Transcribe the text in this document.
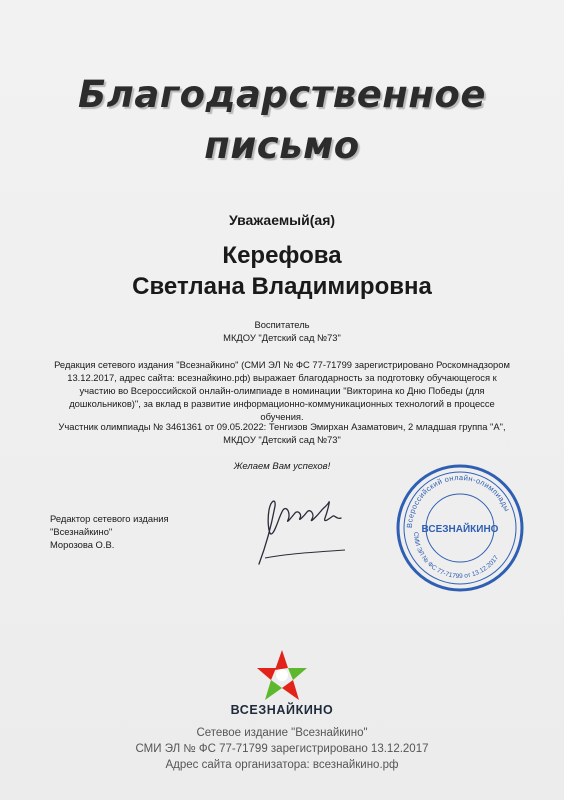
Благодарственное
письмо
Уважаемый(ая)
Керефова
Светлана Владимировна
Воспитатель
МКДОУ "Детский сад №73"
Редакция сетевого издания "Всезнайкино" (СМИ ЭЛ № ФС 77-71799 зарегистрировано Роскомнадзором 13.12.2017, адрес сайта: всезнайкино.рф) выражает благодарность за подготовку обучающегося к участию во Всероссийской онлайн-олимпиаде в номинации "Викторина ко Дню Победы (для дошкольников)", за вклад в развитие информационно-коммуникационных технологий в процессе обучения.
Участник олимпиады № 3461361 от 09.05.2022: Тенгизов Эмирхан Азаматович, 2 младшая группа "А",
МКДОУ "Детский сад №73"
Желаем Вам успехов!
Редактор сетевого издания
"Всезнайкино"
Морозова О.В.
Всероссийский онлайн-олимпиады
СМИ ЭЛ № ФС 77-71799 от 13.12.2017
ВСЕЗНАЙКИНО
ВСЕЗНАЙКИНО
Сетевое издание "Всезнайкино"
СМИ ЭЛ № ФС 77-71799 зарегистрировано 13.12.2017
Адрес сайта организатора: всезнайкино.рф
